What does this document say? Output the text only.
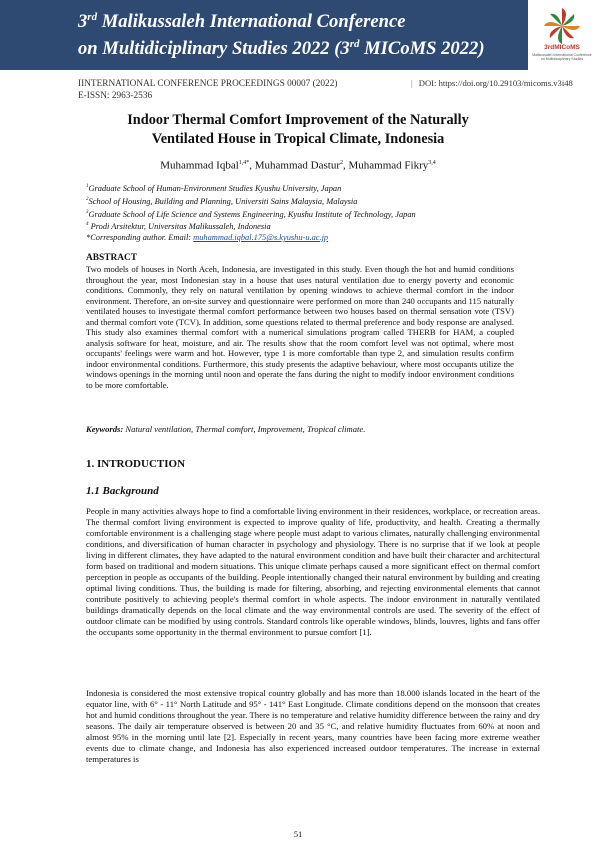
3rd Malikussaleh International Conference
on Multidiciplinary Studies 2022 (3rd MICoMS 2022)	3rdMICoMS
Malikussaleh International Conference on Multidisciplinary Studies
IINTERNATIONAL CONFERENCE PROCEEDINGS 00007 (2022)
E-ISSN: 2963-2536
| DOI: https://doi.org/10.29103/micoms.v3i48
Indoor Thermal Comfort Improvement of the Naturally
Ventilated House in Tropical Climate, Indonesia
Muhammad Iqbal$^{1,4*}$, Muhammad Dastur$^2$, Muhammad Fikry$^{3,4}$
$^1$Graduate School of Human-Environment Studies Kyushu University, Japan
$^2$School of Housing, Building and Planning, Universiti Sains Malaysia, Malaysia
$^3$Graduate School of Life Science and Systems Engineering, Kyushu Institute of Technology, Japan
$^4$ Prodi Arsitektur, Universitas Malikussaleh, Indonesia
*Corresponding author. Email: muhammad.iqbal.175@s.kyushu-u.ac.jp
ABSTRACT
Two models of houses in North Aceh, Indonesia, are investigated in this study. Even though the hot and humid conditions throughout the year, most Indonesian stay in a house that uses natural ventilation due to energy poverty and economic conditions. Commonly, they rely on natural ventilation by opening windows to achieve thermal comfort in the indoor environment. Therefore, an on-site survey and questionnaire were performed on more than 240 occupants and 115 naturally ventilated houses to investigate thermal comfort performance between two houses based on thermal sensation vote (TSV) and thermal comfort vote (TCV). In addition, some questions related to thermal preference and body response are analysed. This study also examines thermal comfort with a numerical simulations program called THERB for HAM, a coupled analysis software for heat, moisture, and air. The results show that the room comfort level was not optimal, where most occupants' feelings were warm and hot. However, type 1 is more comfortable than type 2, and simulation results confirm indoor environmental conditions. Furthermore, this study presents the adaptive behaviour, where most occupants utilize the windows openings in the morning until noon and operate the fans during the night to modify indoor environment conditions to be more comfortable.
Keywords: Natural ventilation, Thermal comfort, Improvement, Tropical climate.
1. INTRODUCTION
1.1 Background
People in many activities always hope to find a comfortable living environment in their residences, workplace, or recreation areas. The thermal comfort living environment is expected to improve quality of life, productivity, and health. Creating a thermally comfortable environment is a challenging stage where people must adapt to various climates, naturally challenging environmental conditions, and diversification of human character in psychology and physiology. There is no surprise that if we look at people living in different climates, they have adapted to the natural environment condition and have built their character and architectural form based on traditional and modern situations. This unique climate perhaps caused a more significant effect on thermal comfort perception in people as occupants of the building. People intentionally changed their natural environment by building and creating optimal living conditions. Thus, the building is made for filtering, absorbing, and rejecting environmental elements that cannot contribute positively to achieving people's thermal comfort in whole aspects. The indoor environment in naturally ventilated buildings dramatically depends on the local climate and the way environmental controls are used. The severity of the effect of outdoor climate can be modified by using controls. Standard controls like operable windows, blinds, louvres, lights and fans offer the occupants some opportunity in the thermal environment to pursue comfort [1].
Indonesia is considered the most extensive tropical country globally and has more than 18.000 islands located in the heart of the equator line, with 6° - 11° North Latitude and 95° - 141° East Longitude. Climate conditions depend on the monsoon that creates hot and humid conditions throughout the year. There is no temperature and relative humidity difference between the rainy and dry seasons. The daily air temperature observed is between 20 and 35 °C, and relative humidity fluctuates from 60% at noon and almost 95% in the morning until late [2]. Especially in recent years, many countries have been facing more extreme weather events due to climate change, and Indonesia has also experienced increased outdoor temperatures. The increase in external temperatures is
51
